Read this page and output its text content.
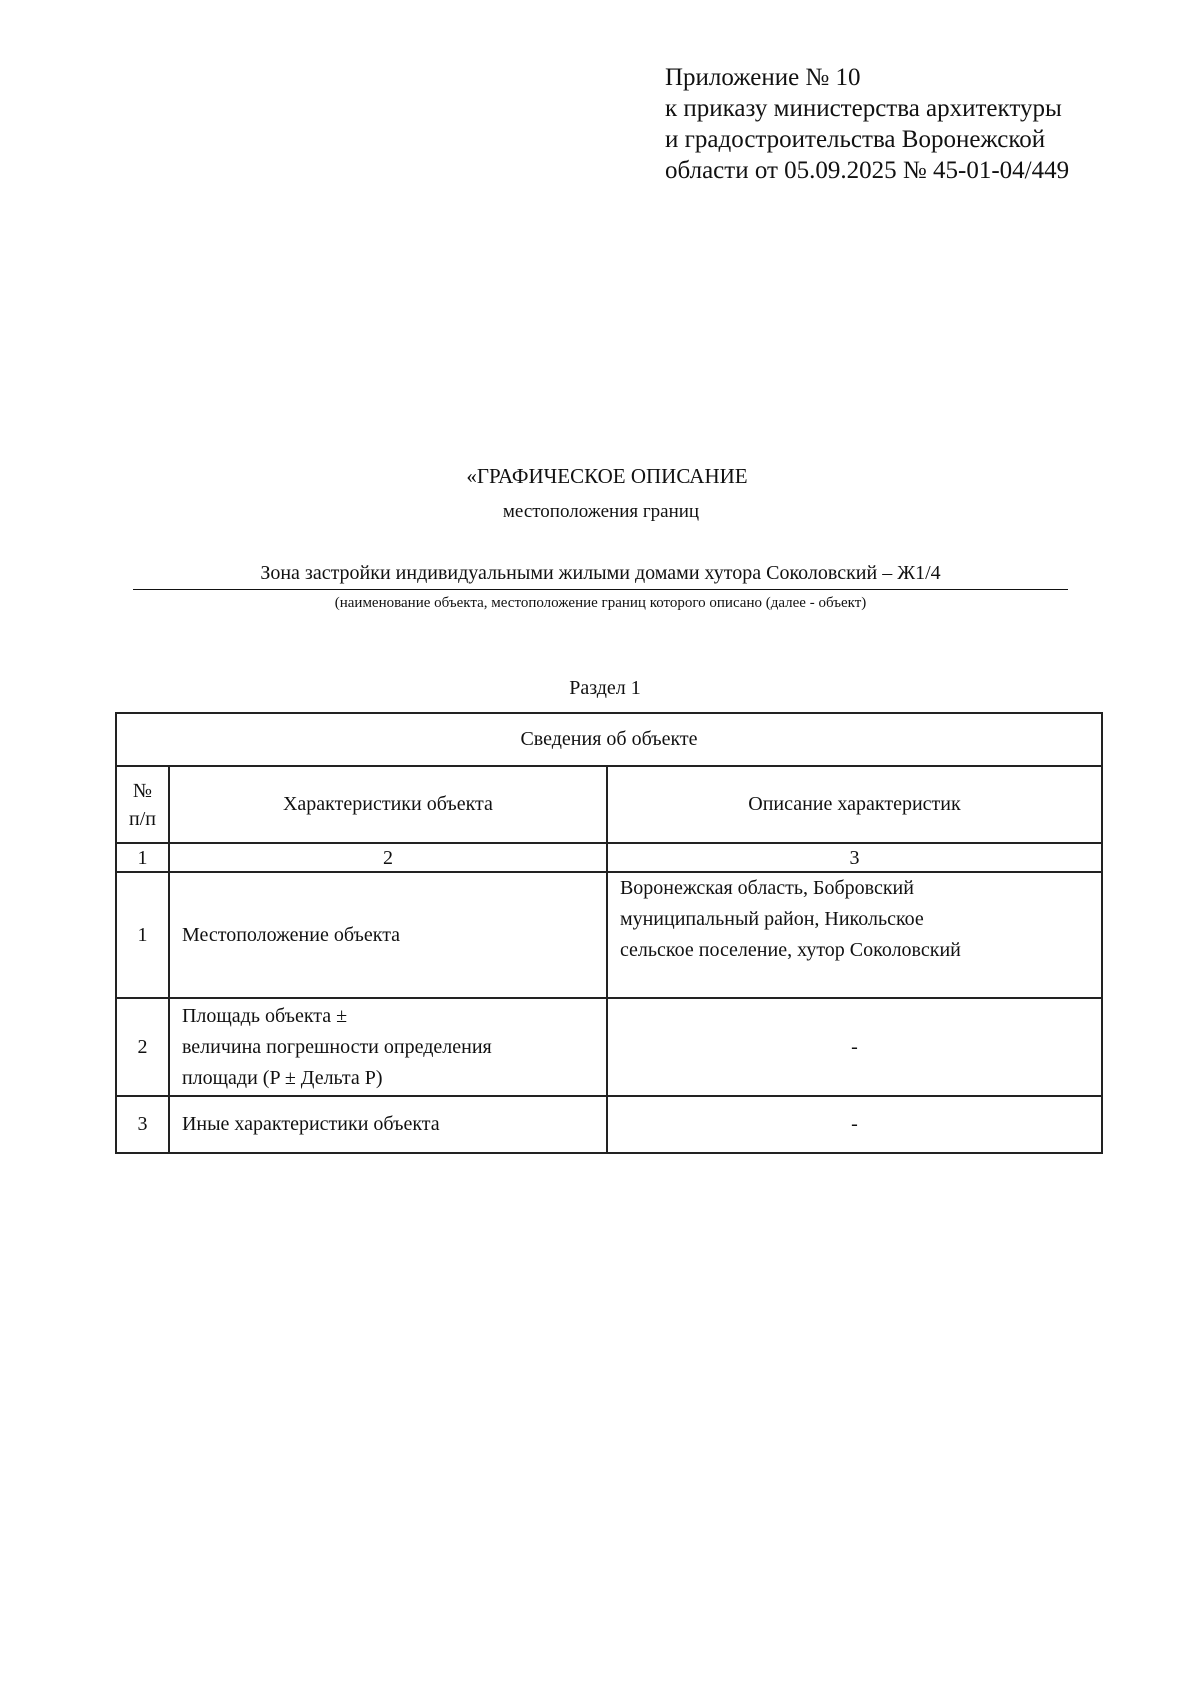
Приложение № 10
к приказу министерства архитектуры
и градостроительства Воронежской
области от 05.09.2025 № 45-01-04/449
«ГРАФИЧЕСКОЕ ОПИСАНИЕ
местоположения границ
Зона застройки индивидуальными жилыми домами хутора Соколовский – Ж1/4
(наименование объекта, местоположение границ которого описано (далее - объект)
Раздел 1
Сведения об объекте		

№
п/п	Характеристики объекта	Описание характеристик
1	2	3
1	Местоположение объекта	Воронежская область, Бобровский
муниципальный район, Никольское
сельское поселение, хутор Соколовский

2	Площадь объекта ±
величина погрешности определения
площади (P ± Дельта P)	-
3	Иные характеристики объекта	-
